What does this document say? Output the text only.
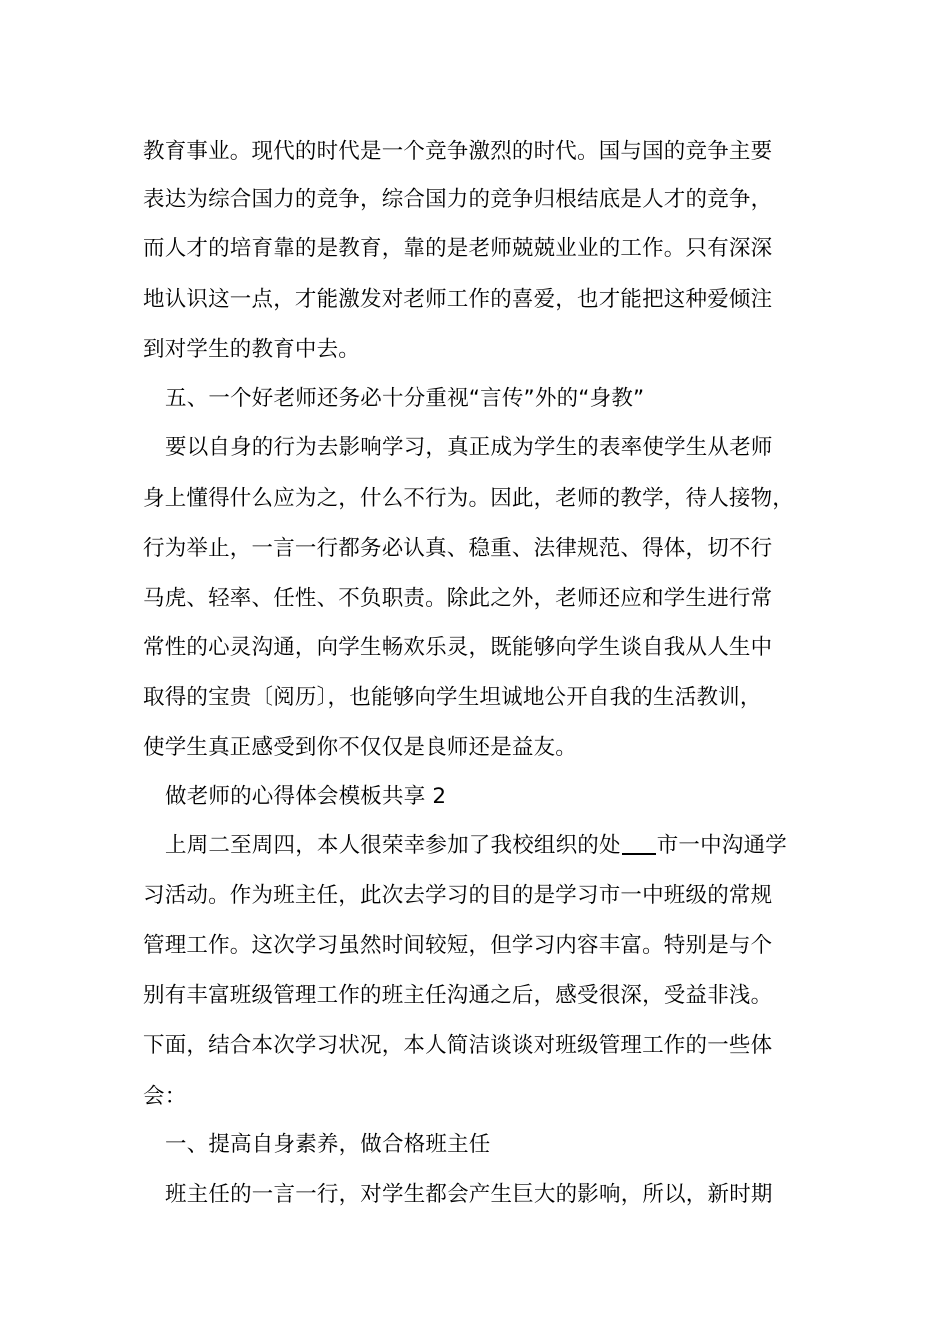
教育事业。现代的时代是一个竞争激烈的时代。国与国的竞争主要
表达为综合国力的竞争，综合国力的竞争归根结底是人才的竞争，
而人才的培育靠的是教育，靠的是老师兢兢业业的工作。只有深深
地认识这一点，才能激发对老师工作的喜爱，也才能把这种爱倾注
到对学生的教育中去。
五、一个好老师还务必十分重视“言传”外的“身教”
要以自身的行为去影响学习，真正成为学生的表率使学生从老师
身上懂得什么应为之，什么不行为。因此，老师的教学，待人接物，
行为举止，一言一行都务必认真、稳重、法律规范、得体，切不行
马虎、轻率、任性、不负职责。除此之外，老师还应和学生进行常
常性的心灵沟通，向学生畅欢乐灵，既能够向学生谈自我从人生中
取得的宝贵〔阅历〕，也能够向学生坦诚地公开自我的生活教训，
使学生真正感受到你不仅仅是良师还是益友。
做老师的心得体会模板共享 2
上周二至周四，本人很荣幸参加了我校组织的处 市一中沟通学
习活动。作为班主任，此次去学习的目的是学习市一中班级的常规
管理工作。这次学习虽然时间较短，但学习内容丰富。特别是与个
别有丰富班级管理工作的班主任沟通之后，感受很深，受益非浅。
下面，结合本次学习状况，本人简洁谈谈对班级管理工作的一些体
会：
一、提高自身素养，做合格班主任
班主任的一言一行，对学生都会产生巨大的影响，所以，新时期
